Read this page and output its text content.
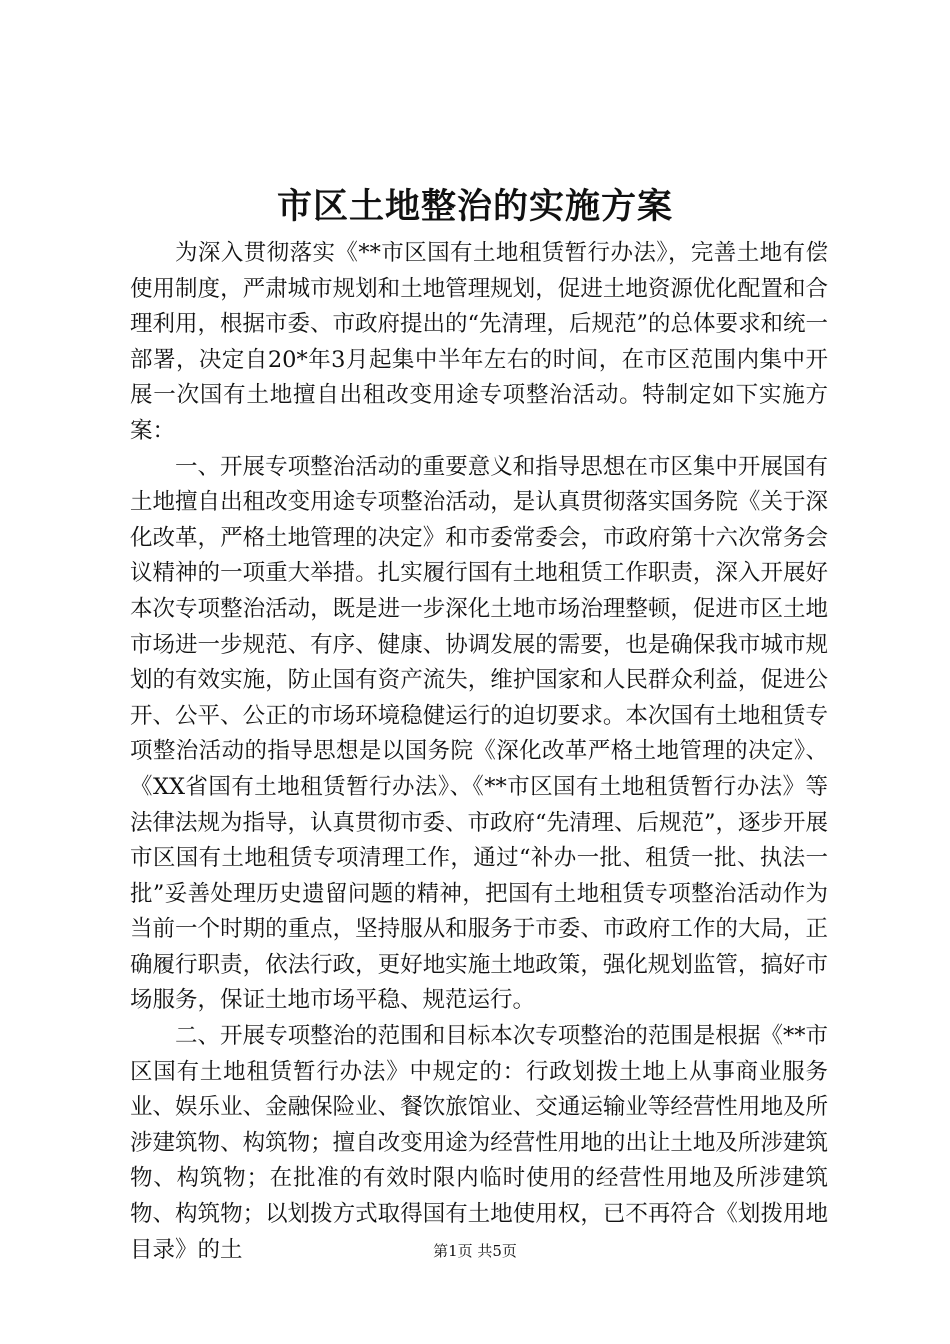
市区土地整治的实施方案

为深入贯彻落实《**市区国有土地租赁暂行办法》，完善土地有偿使用制度，严肃城市规划和土地管理规划，促进土地资源优化配置和合理利用，根据市委、市政府提出的“先清理，后规范”的总体要求和统一部署，决定自20*年3月起集中半年左右的时间，在市区范围内集中开展一次国有土地擅自出租改变用途专项整治活动。特制定如下实施方案：

一、开展专项整治活动的重要意义和指导思想在市区集中开展国有土地擅自出租改变用途专项整治活动，是认真贯彻落实国务院《关于深化改革，严格土地管理的决定》和市委常委会，市政府第十六次常务会议精神的一项重大举措。扎实履行国有土地租赁工作职责，深入开展好本次专项整治活动，既是进一步深化土地市场治理整顿，促进市区土地市场进一步规范、有序、健康、协调发展的需要，也是确保我市城市规划的有效实施，防止国有资产流失，维护国家和人民群众利益，促进公开、公平、公正的市场环境稳健运行的迫切要求。本次国有土地租赁专项整治活动的指导思想是以国务院《深化改革严格土地管理的决定》、《XX省国有土地租赁暂行办法》、《**市区国有土地租赁暂行办法》等法律法规为指导，认真贯彻市委、市政府“先清理、后规范”，逐步开展市区国有土地租赁专项清理工作，通过“补办一批、租赁一批、执法一批”妥善处理历史遗留问题的精神，把国有土地租赁专项整治活动作为当前一个时期的重点，坚持服从和服务于市委、市政府工作的大局，正确履行职责，依法行政，更好地实施土地政策，强化规划监管，搞好市场服务，保证土地市场平稳、规范运行。

二、开展专项整治的范围和目标本次专项整治的范围是根据《**市区国有土地租赁暂行办法》中规定的：行政划拨土地上从事商业服务业、娱乐业、金融保险业、餐饮旅馆业、交通运输业等经营性用地及所涉建筑物、构筑物；擅自改变用途为经营性用地的出让土地及所涉建筑物、构筑物；在批准的有效时限内临时使用的经营性用地及所涉建筑物、构筑物；以划拨方式取得国有土地使用权，已不再符合《划拨用地目录》的土	第1页 共5页
